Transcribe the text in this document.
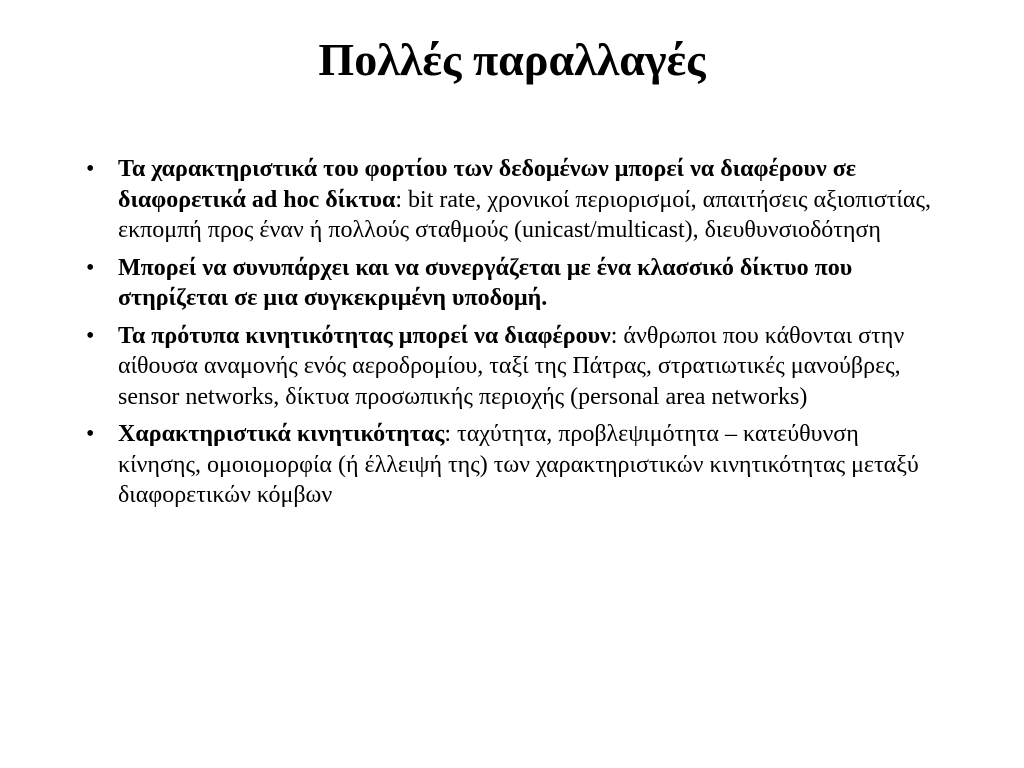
Πολλές παραλλαγές
• Τα χαρακτηριστικά του φορτίου των δεδομένων μπορεί να διαφέρουν σε διαφορετικά ad hoc δίκτυα: bit rate, χρονικοί περιορισμοί, απαιτήσεις αξιοπιστίας, εκπομπή προς έναν ή πολλούς σταθμούς (unicast/multicast), διευθυνσιοδότηση
• Μπορεί να συνυπάρχει και να συνεργάζεται με ένα κλασσικό δίκτυο που στηρίζεται σε μια συγκεκριμένη υποδομή.
• Τα πρότυπα κινητικότητας μπορεί να διαφέρουν: άνθρωποι που κάθονται στην αίθουσα αναμονής ενός αεροδρομίου, ταξί της Πάτρας, στρατιωτικές μανούβρες, sensor networks, δίκτυα προσωπικής περιοχής (personal area networks)
• Χαρακτηριστικά κινητικότητας: ταχύτητα, προβλεψιμότητα – κατεύθυνση κίνησης, ομοιομορφία (ή έλλειψή της) των χαρακτηριστικών κινητικότητας μεταξύ διαφορετικών κόμβων
